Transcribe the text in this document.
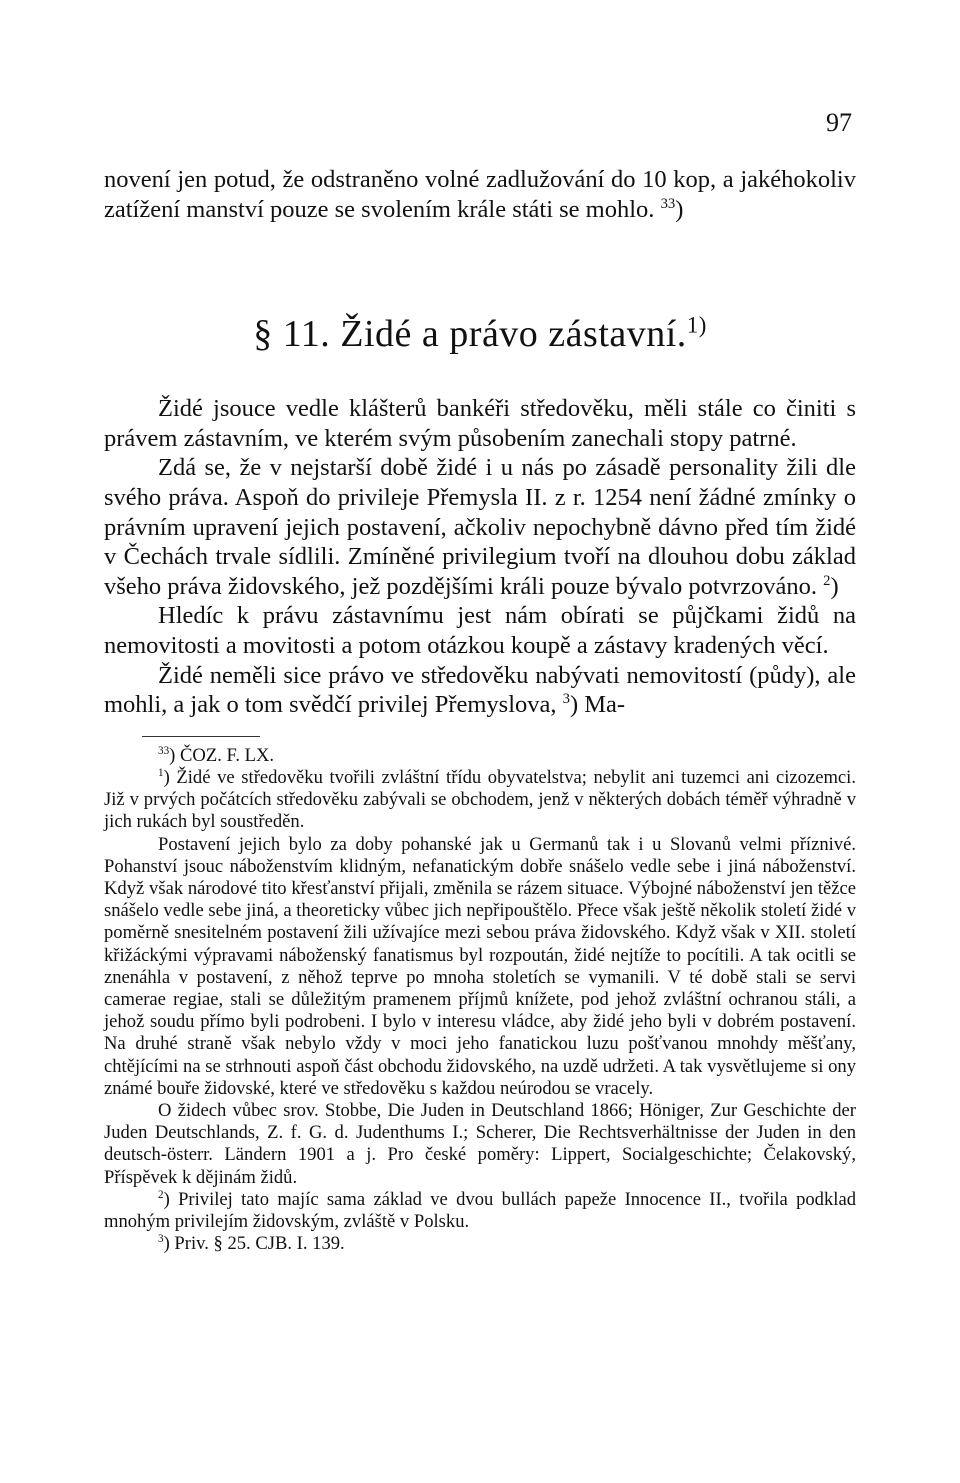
97

novení jen potud, že odstraněno volné zadlužování do 10 kop, a jakéhokoliv zatížení manství pouze se svolením krále státi se mohlo. $^{33}$)

§ 11. Židé a právo zástavní.$^{1)}$

Židé jsouce vedle klášterů bankéři středověku, měli stále co činiti s právem zástavním, ve kterém svým působením zanechali stopy patrné.

Zdá se, že v nejstarší době židé i u nás po zásadě personality žili dle svého práva. Aspoň do privileje Přemysla II. z r. 1254 není žádné zmínky o právním upravení jejich postavení, ačkoliv nepochybně dávno před tím židé v Čechách trvale sídlili. Zmíněné privilegium tvoří na dlouhou dobu základ všeho práva židovského, jež pozdějšími králi pouze bývalo potvrzováno. $^2$)

Hledíc k právu zástavnímu jest nám obírati se půjčkami židů na nemovitosti a movitosti a potom otázkou koupě a zástavy kradených věcí.

Židé neměli sice právo ve středověku nabývati nemovitostí (půdy), ale mohli, a jak o tom svědčí privilej Přemyslova, $^3$) Ma-

$^{33}$) ČOZ. F. LX.

$^1$) Židé ve středověku tvořili zvláštní třídu obyvatelstva; nebylit ani tuzemci ani cizozemci. Již v prvých počátcích středověku zabývali se obchodem, jenž v některých dobách téměř výhradně v jich rukách byl soustředěn.

Postavení jejich bylo za doby pohanské jak u Germanů tak i u Slovanů velmi příznivé. Pohanství jsouc náboženstvím klidným, nefanatickým dobře snášelo vedle sebe i jiná náboženství. Když však národové tito křesťanství přijali, změnila se rázem situace. Výbojné náboženství jen těžce snášelo vedle sebe jiná, a theoreticky vůbec jich nepřipouštělo. Přece však ještě několik století židé v poměrně snesitelném postavení žili užívajíce mezi sebou práva židovského. Když však v XII. století křižáckými výpravami náboženský fanatismus byl rozpoután, židé nejtíže to pocítili. A tak ocitli se znenáhla v postavení, z něhož teprve po mnoha stoletích se vymanili. V té době stali se servi camerae regiae, stali se důležitým pramenem příjmů knížete, pod jehož zvláštní ochranou stáli, a jehož soudu přímo byli podrobeni. I bylo v interesu vládce, aby židé jeho byli v dobrém postavení. Na druhé straně však nebylo vždy v moci jeho fanatickou luzu pošťvanou mnohdy měšťany, chtějícími na se strhnouti aspoň část obchodu židovského, na uzdě udržeti. A tak vysvětlujeme si ony známé bouře židovské, které ve středověku s každou neúrodou se vracely.

O židech vůbec srov. Stobbe, Die Juden in Deutschland 1866; Höniger, Zur Geschichte der Juden Deutschlands, Z. f. G. d. Judenthums I.; Scherer, Die Rechtsverhältnisse der Juden in den deutsch-österr. Ländern 1901 a j. Pro české poměry: Lippert, Socialgeschichte; Čelakovský, Příspěvek k dějinám židů.

$^2$) Privilej tato majíc sama základ ve dvou bullách papeže Innocence II., tvořila podklad mnohým privilejím židovským, zvláště v Polsku.

$^3$) Priv. § 25. CJB. I. 139.
